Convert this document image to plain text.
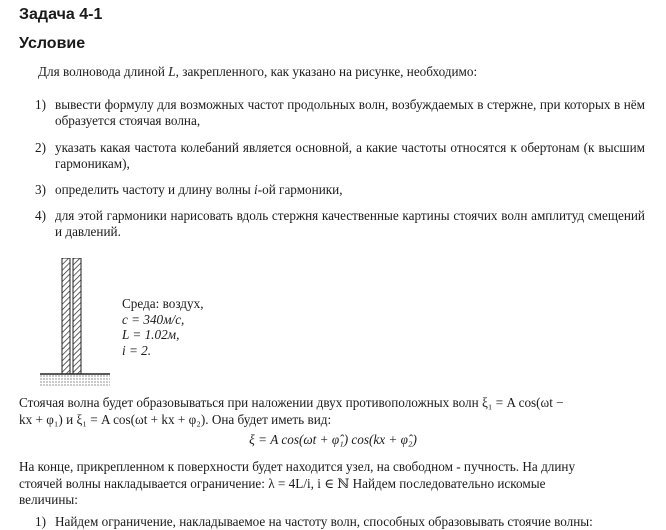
Задача 4-1
Условие
Для волновода длиной L, закрепленного, как указано на рисунке, необходимо:
1) вывести формулу для возможных частот продольных волн, возбуждаемых в стержне, при которых в нём образуется стоячая волна,
2) указать какая частота колебаний является основной, а какие частоты относятся к обертонам (к высшим гармоникам),
3) определить частоту и длину волны i-ой гармоники,
4) для этой гармоники нарисовать вдоль стержня качественные картины стоячих волн амплитуд смещений и давлений.
Среда: воздух,
c = 340м/с,
L = 1.02м,
i = 2.
Стоячая волна будет образовываться при наложении двух противоположных волн ξ₁ = A cos(ωt −
kx + φ₁) и ξ₁ = A cos(ωt + kx + φ₂). Она будет иметь вид:
ξ = A cos(ωt + φ̂₁) cos(kx + φ̂₂)
На конце, прикрепленном к поверхности будет находится узел, на свободном - пучность. На длину
стоячей волны накладывается ограничение: λ = 4L/i, i ∈ ℕ Найдем последовательно искомые
величины:
1) Найдем ограничение, накладываемое на частоту волн, способных образовывать стоячие волны:
